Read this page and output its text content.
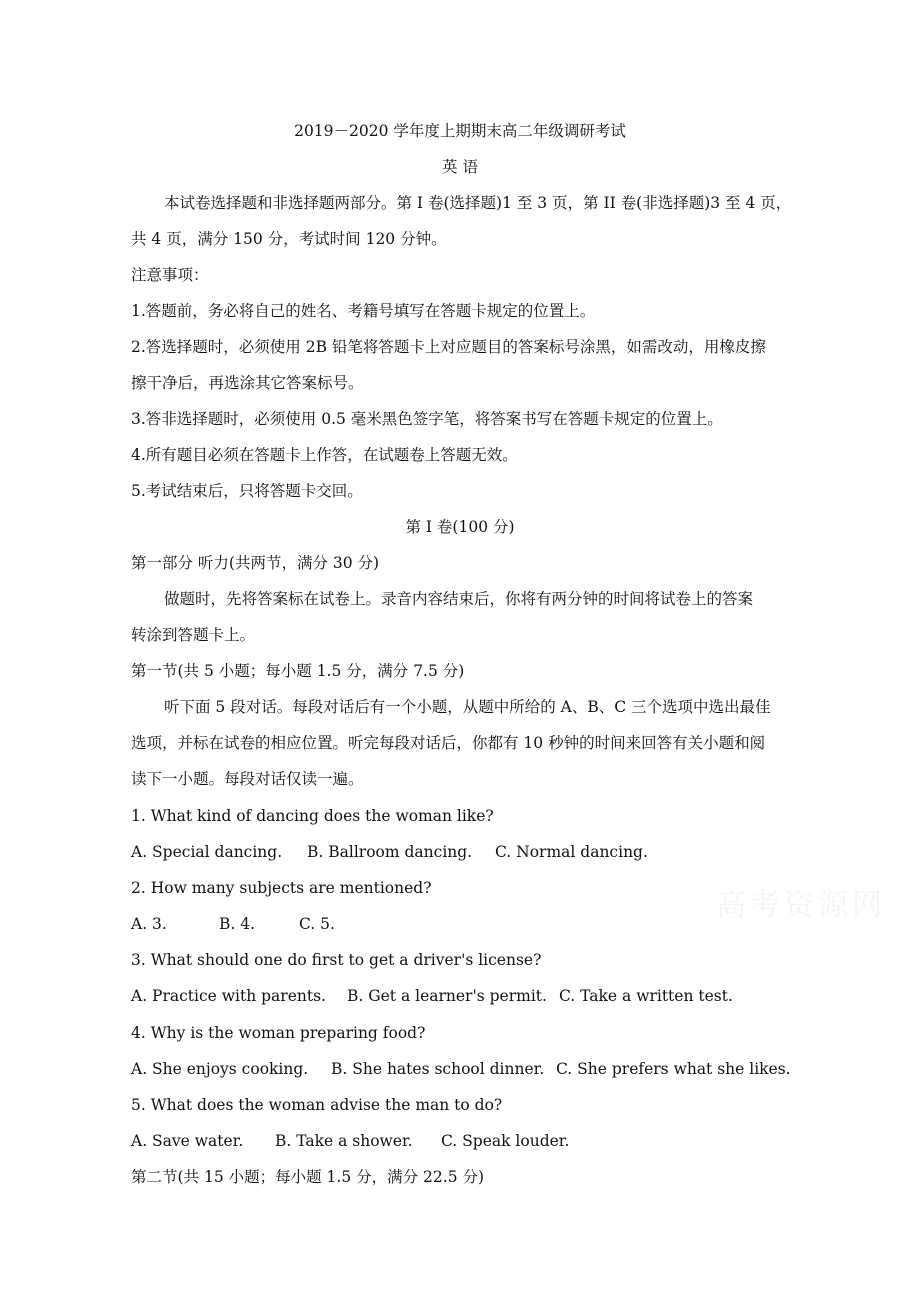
2019－2020 学年度上期期末高二年级调研考试
英 语
本试卷选择题和非选择题两部分。第 I 卷(选择题)1 至 3 页，第 II 卷(非选择题)3 至 4 页，
共 4 页，满分 150 分，考试时间 120 分钟。
注意事项：
1.答题前，务必将自己的姓名、考籍号填写在答题卡规定的位置上。
2.答选择题时，必须使用 2B 铅笔将答题卡上对应题目的答案标号涂黑，如需改动，用橡皮擦
擦干净后，再选涂其它答案标号。
3.答非选择题时，必须使用 0.5 毫米黑色签字笔，将答案书写在答题卡规定的位置上。
4.所有题目必须在答题卡上作答，在试题卷上答题无效。
5.考试结束后，只将答题卡交回。
第 I 卷(100 分)
第一部分 听力(共两节，满分 30 分)
做题时，先将答案标在试卷上。录音内容结束后，你将有两分钟的时间将试卷上的答案
转涂到答题卡上。
第一节(共 5 小题；每小题 1.5 分，满分 7.5 分)
听下面 5 段对话。每段对话后有一个小题，从题中所给的 A、B、C 三个选项中选出最佳
选项，并标在试卷的相应位置。听完每段对话后，你都有 10 秒钟的时间来回答有关小题和阅
读下一小题。每段对话仅读一遍。
1. What kind of dancing does the woman like?
A. Special dancing. B. Ballroom dancing. C. Normal dancing.
2. How many subjects are mentioned?
A. 3.	B. 4.	C. 5.
3. What should one do first to get a driver's license?
A. Practice with parents. B. Get a learner's permit. C. Take a written test.
4. Why is the woman preparing food?
A. She enjoys cooking. B. She hates school dinner. C. She prefers what she likes.
5. What does the woman advise the man to do?
A. Save water. B. Take a shower. C. Speak louder.
第二节(共 15 小题；每小题 1.5 分，满分 22.5 分)
高考资源网
